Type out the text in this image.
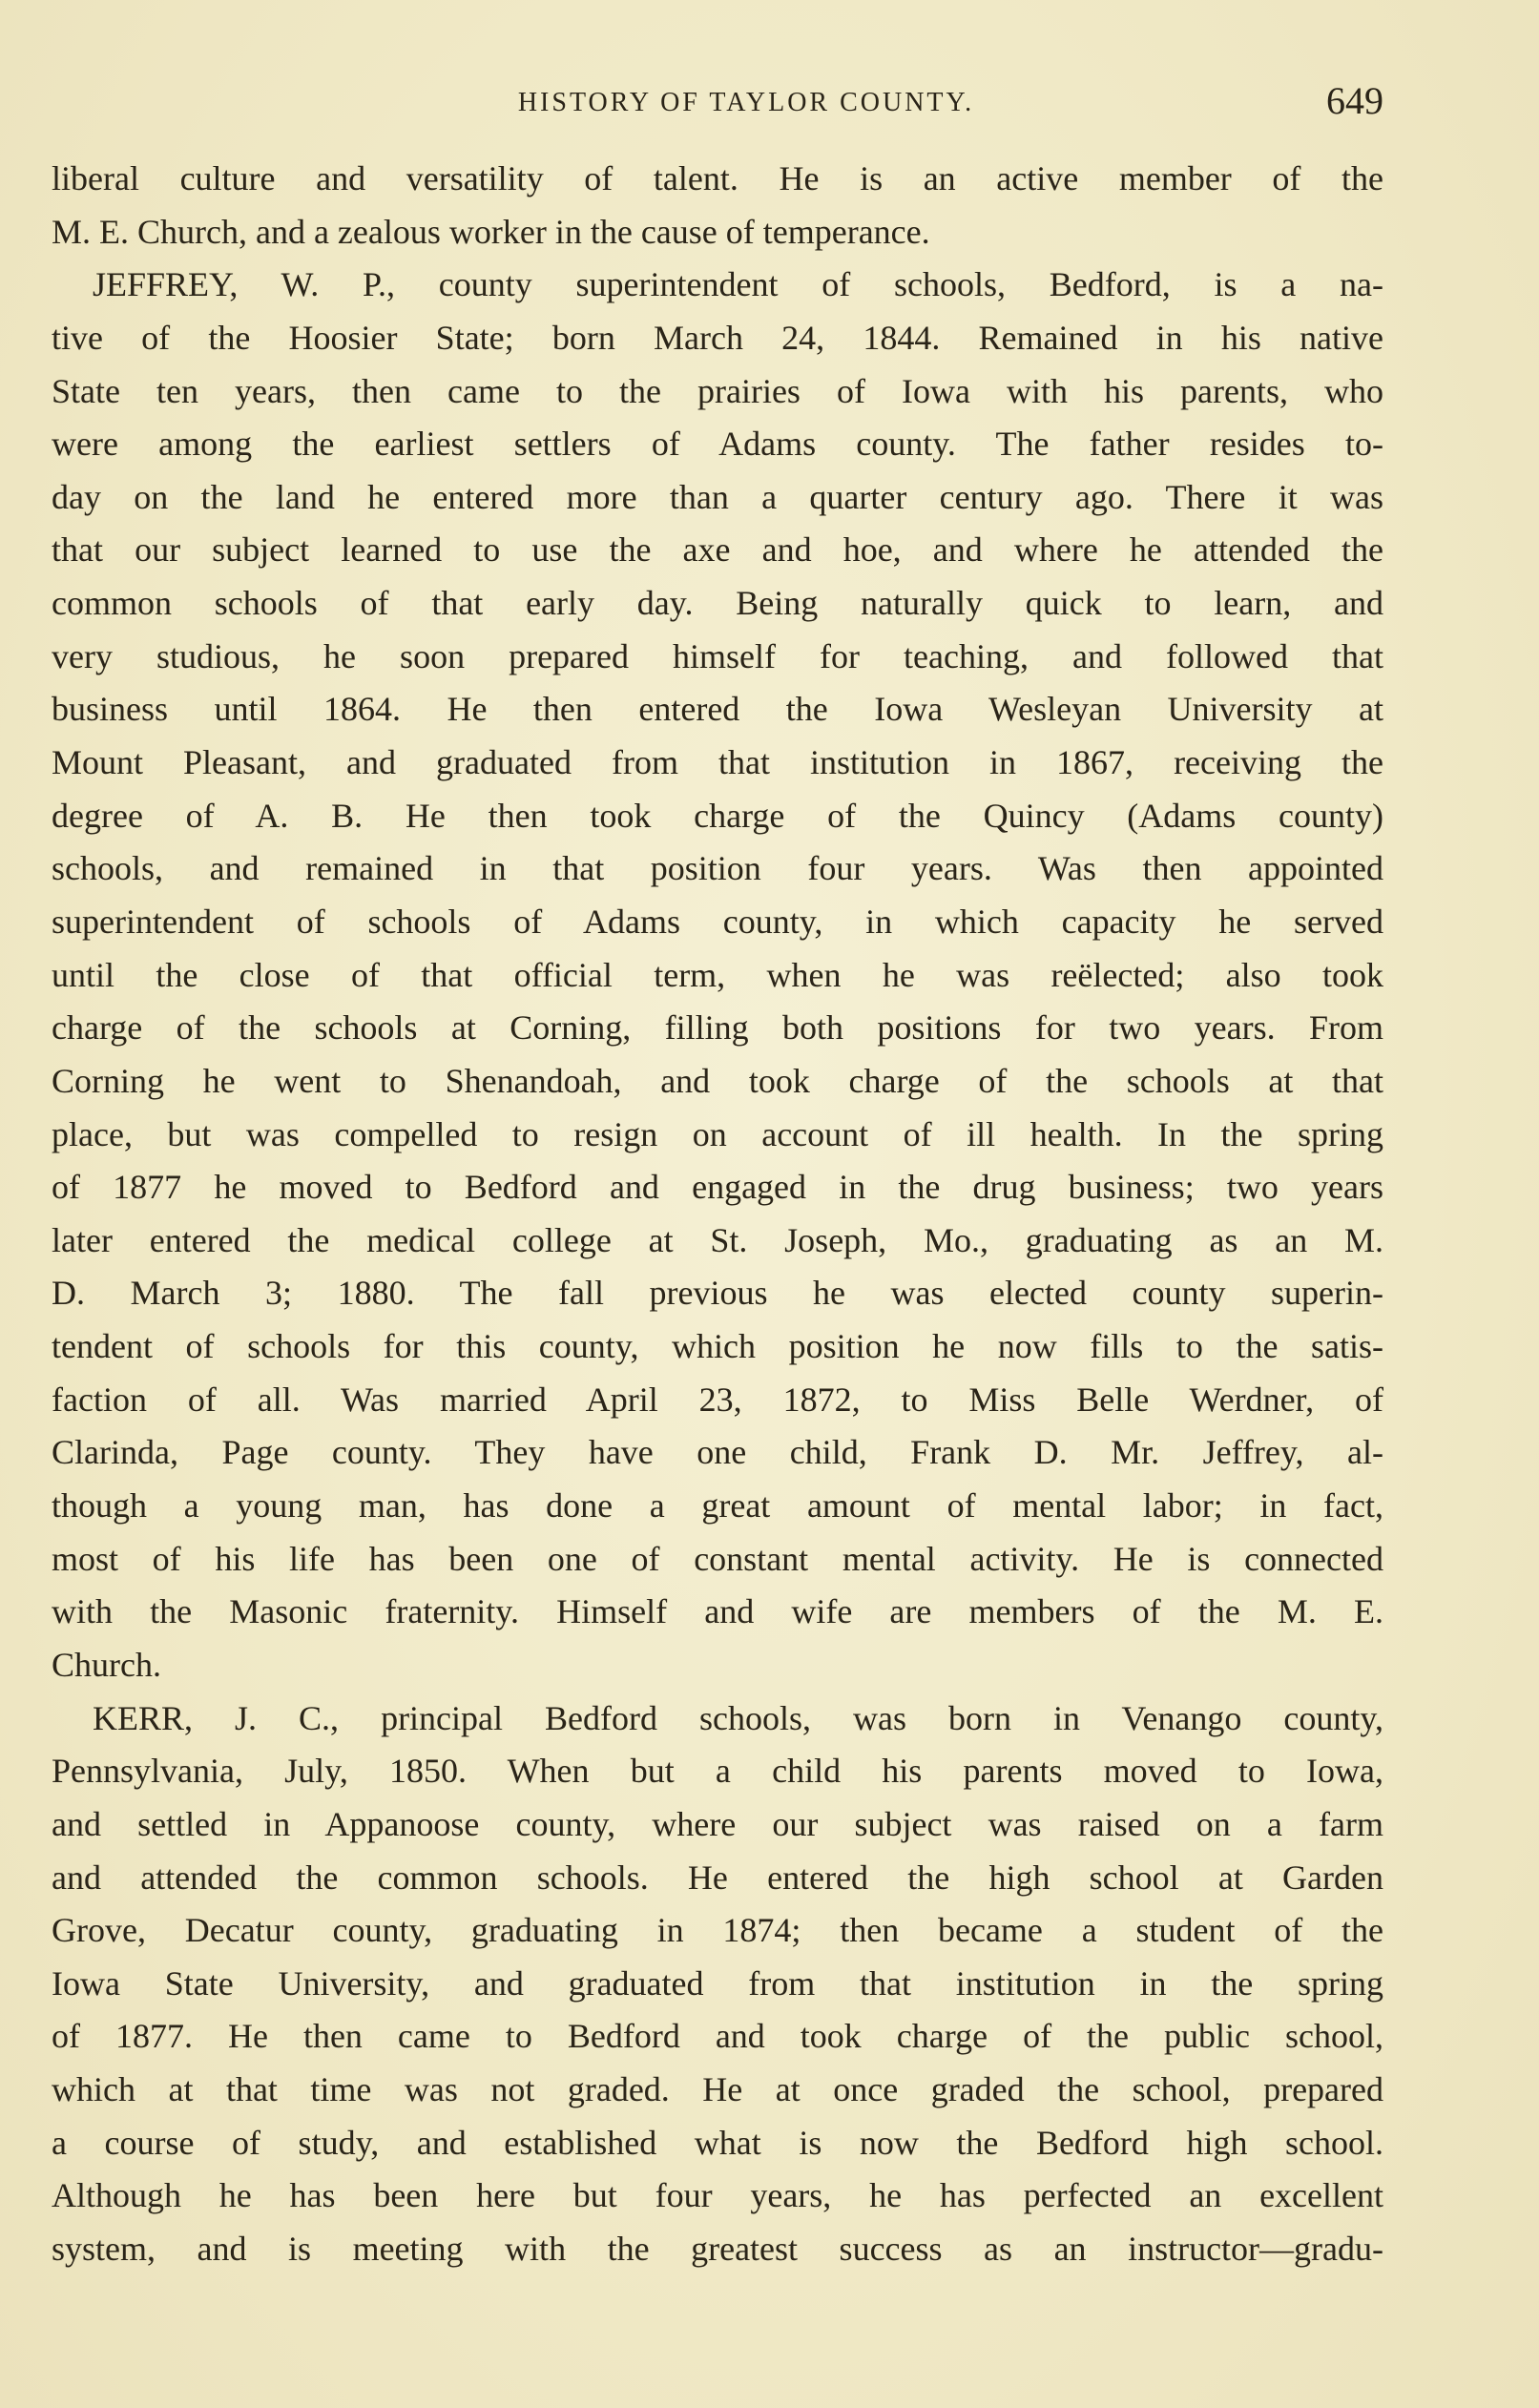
HISTORY OF TAYLOR COUNTY.	649
liberal culture and versatility of talent. He is an active member of the
M. E. Church, and a zealous worker in the cause of temperance.
JEFFREY, W. P., county superintendent of schools, Bedford, is a na-
tive of the Hoosier State; born March 24, 1844. Remained in his native
State ten years, then came to the prairies of Iowa with his parents, who
were among the earliest settlers of Adams county. The father resides to-
day on the land he entered more than a quarter century ago. There it was
that our subject learned to use the axe and hoe, and where he attended the
common schools of that early day. Being naturally quick to learn, and
very studious, he soon prepared himself for teaching, and followed that
business until 1864. He then entered the Iowa Wesleyan University at
Mount Pleasant, and graduated from that institution in 1867, receiving the
degree of A. B. He then took charge of the Quincy (Adams county)
schools, and remained in that position four years. Was then appointed
superintendent of schools of Adams county, in which capacity he served
until the close of that official term, when he was reëlected; also took
charge of the schools at Corning, filling both positions for two years. From
Corning he went to Shenandoah, and took charge of the schools at that
place, but was compelled to resign on account of ill health. In the spring
of 1877 he moved to Bedford and engaged in the drug business; two years
later entered the medical college at St. Joseph, Mo., graduating as an M.
D. March 3; 1880. The fall previous he was elected county superin-
tendent of schools for this county, which position he now fills to the satis-
faction of all. Was married April 23, 1872, to Miss Belle Werdner, of
Clarinda, Page county. They have one child, Frank D. Mr. Jeffrey, al-
though a young man, has done a great amount of mental labor; in fact,
most of his life has been one of constant mental activity. He is connected
with the Masonic fraternity. Himself and wife are members of the M. E.
Church.
KERR, J. C., principal Bedford schools, was born in Venango county,
Pennsylvania, July, 1850. When but a child his parents moved to Iowa,
and settled in Appanoose county, where our subject was raised on a farm
and attended the common schools. He entered the high school at Garden
Grove, Decatur county, graduating in 1874; then became a student of the
Iowa State University, and graduated from that institution in the spring
of 1877. He then came to Bedford and took charge of the public school,
which at that time was not graded. He at once graded the school, prepared
a course of study, and established what is now the Bedford high school.
Although he has been here but four years, he has perfected an excellent
system, and is meeting with the greatest success as an instructor—gradu-
